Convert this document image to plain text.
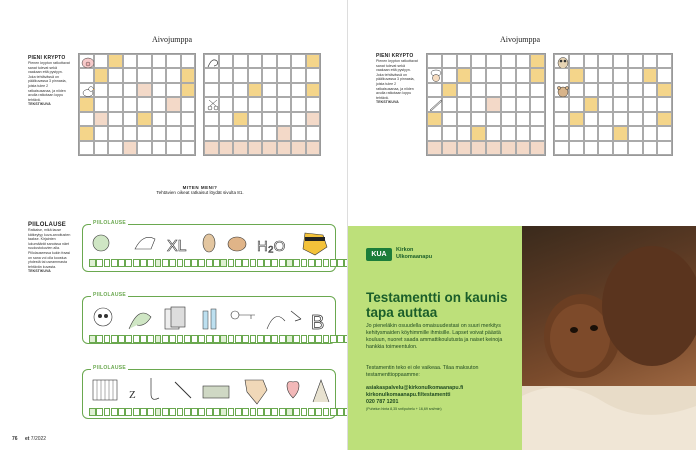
Aivojumppa
PIENI KRYPTO
Pienen krypton ratkottavat sanat tulevat sekä vaakaan että pystyyn. Joka tehtävässä on päälkuvassa 3 pinnasta, joista tulee 2 ratkaisusanaa, ja niiden avulla ratkotaan loppu tehtävä.
TEKSTIKUVA
MITEN MENI?
Tehtävien oikeat ratkaisut löydät sivulta 81.
PIILOLAUSE
Ratkaise, mikä lause kätkeytyy kuva-arvoitusten taakse. Kirjainten lukumäärät sanoissa näet ruudustokuvien alla. Piilolauseessa kukin fraasi on sana voi olla koostua yhdestä tai useammasta tehtävän kuvasta.
TEKSTIKUVA
PIILOLAUSE
XL	H₂O
PIILOLAUSE
B
PIILOLAUSE
Z
76 et 7/2022
Aivojumppa
PIENI KRYPTO
Pienen krypton ratkottavat sanat tulevat sekä vaakaan että pystyyn. Joka tehtävässä on päälkuvassa 3 pinnasta, joista tulee 2 ratkaisusanaa, ja niiden avulla ratkotaan loppu tehtävä.
TEKSTIKUVA
KUA
Kirkon
Ulkomaanapu
Testamentti on kaunis tapa auttaa
Jo pieneläkin osuudella omaisuudestasi on suuri merkitys kehitysmaiden köyhimmille ihmisille. Lapset voivat päästä kouluun, nuoret saada ammattikoulutusta ja naiset keinoja hankkia toimeentulon.
Testamentin teko ei ole vaikeaa. Tilaa maksuton testamenttioppaamme:
asiakaspalvelu@kirkonulkomaanapu.fi
kirkonulkomaanapu.fi/testamentti
020 787 1201
(Puhelun hinta 8,35 snt/puhelu + 16,69 snt/min)
